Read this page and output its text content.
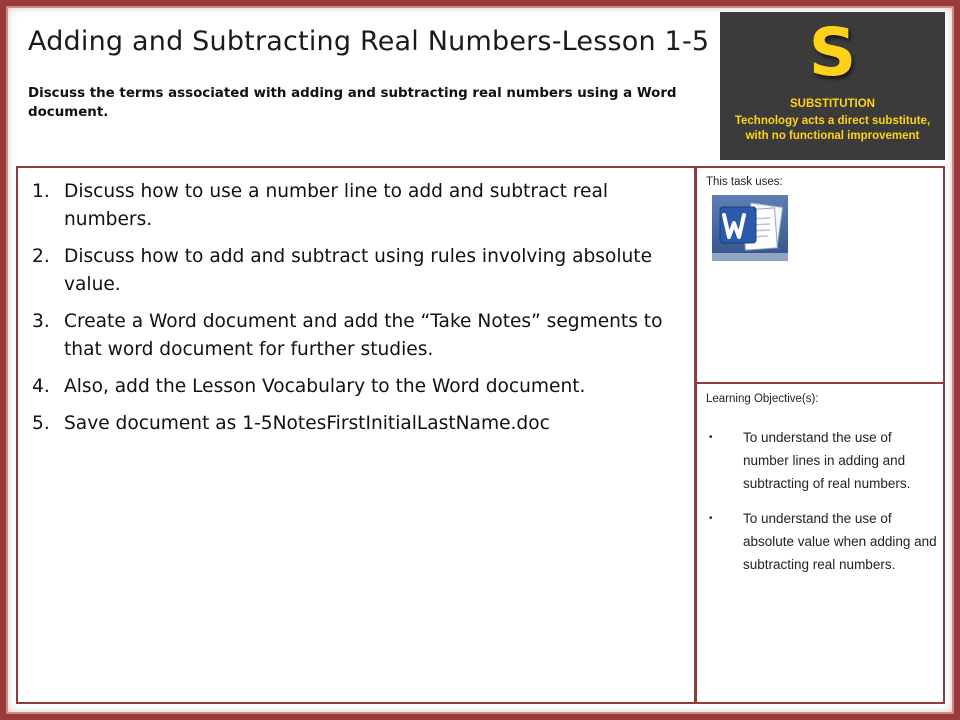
Adding and Subtracting Real Numbers-Lesson 1-5
Discuss the terms associated with adding and subtracting real numbers using a Word document.
S
SUBSTITUTION
Technology acts a direct substitute, with no functional improvement
1. Discuss how to use a number line to add and subtract real numbers.
2. Discuss how to add and subtract using rules involving absolute value.
3. Create a Word document and add the “Take Notes” segments to that word document for further studies.
4. Also, add the Lesson Vocabulary to the Word document.
5. Save document as 1-5NotesFirstInitialLastName.doc
This task uses:
Learning Objective(s):
• To understand the use of number lines in adding and subtracting of real numbers.
• To understand the use of absolute value when adding and subtracting real numbers.
